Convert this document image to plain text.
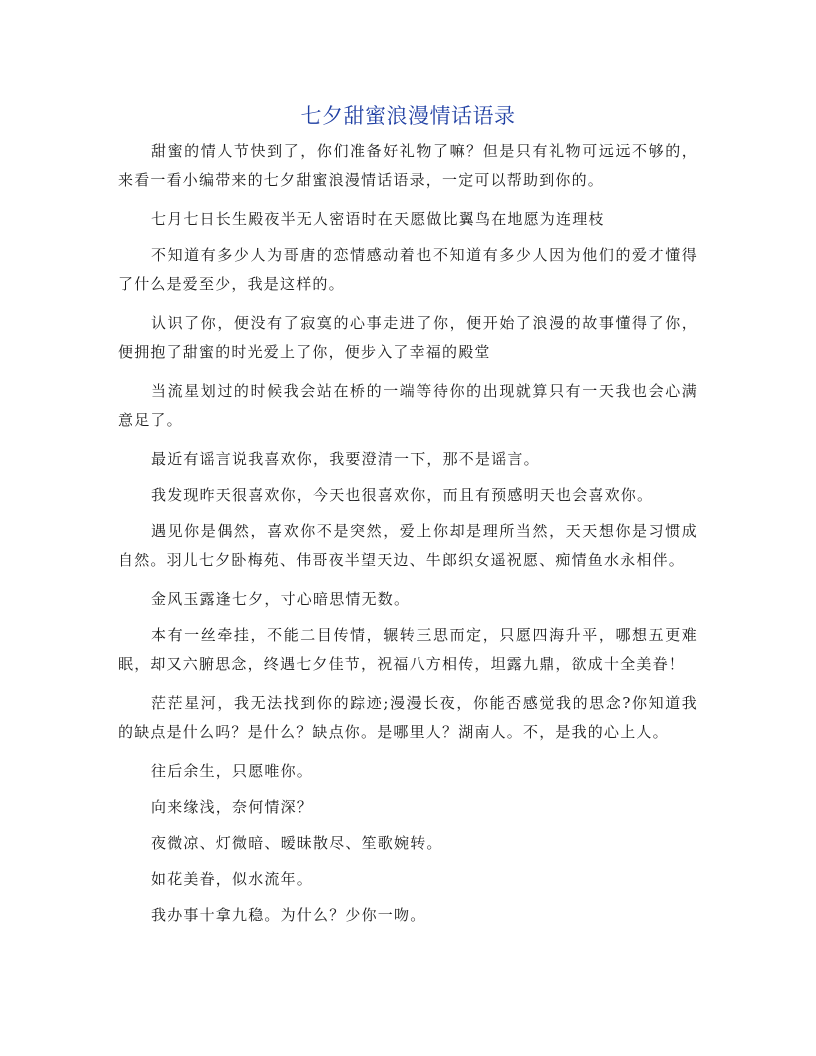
七夕甜蜜浪漫情话语录

甜蜜的情人节快到了，你们准备好礼物了嘛？但是只有礼物可远远不够的，来看一看小编带来的七夕甜蜜浪漫情话语录，一定可以帮助到你的。

七月七日长生殿夜半无人密语时在天愿做比翼鸟在地愿为连理枝

不知道有多少人为哥唐的恋情感动着也不知道有多少人因为他们的爱才懂得了什么是爱至少，我是这样的。

认识了你，便没有了寂寞的心事走进了你，便开始了浪漫的故事懂得了你，便拥抱了甜蜜的时光爱上了你，便步入了幸福的殿堂

当流星划过的时候我会站在桥的一端等待你的出现就算只有一天我也会心满意足了。

最近有谣言说我喜欢你，我要澄清一下，那不是谣言。

我发现昨天很喜欢你，今天也很喜欢你，而且有预感明天也会喜欢你。

遇见你是偶然，喜欢你不是突然，爱上你却是理所当然，天天想你是习惯成自然。羽儿七夕卧梅苑、伟哥夜半望天边、牛郎织女遥祝愿、痴情鱼水永相伴。

金风玉露逢七夕，寸心暗思情无数。

本有一丝牵挂，不能二目传情，辗转三思而定，只愿四海升平，哪想五更难眠，却又六腑思念，终遇七夕佳节，祝福八方相传，坦露九鼎，欲成十全美眷！

茫茫星河，我无法找到你的踪迹;漫漫长夜，你能否感觉我的思念?你知道我的缺点是什么吗？是什么？缺点你。是哪里人？湖南人。不，是我的心上人。

往后余生，只愿唯你。

向来缘浅，奈何情深？

夜微凉、灯微暗、暧昧散尽、笙歌婉转。

如花美眷，似水流年。

我办事十拿九稳。为什么？少你一吻。
